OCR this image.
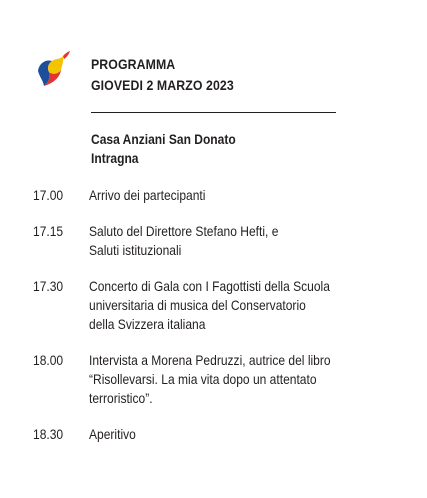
PROGRAMMA
GIOVEDI 2 MARZO 2023
Casa Anziani San Donato
Intragna
17.00	Arrivo dei partecipanti
17.15	Saluto del Direttore Stefano Hefti, e
Saluti istituzionali
17.30	Concerto di Gala con I Fagottisti della Scuola
universitaria di musica del Conservatorio
della Svizzera italiana
18.00	Intervista a Morena Pedruzzi, autrice del libro
“Risollevarsi. La mia vita dopo un attentato
terroristico”.
18.30	Aperitivo
